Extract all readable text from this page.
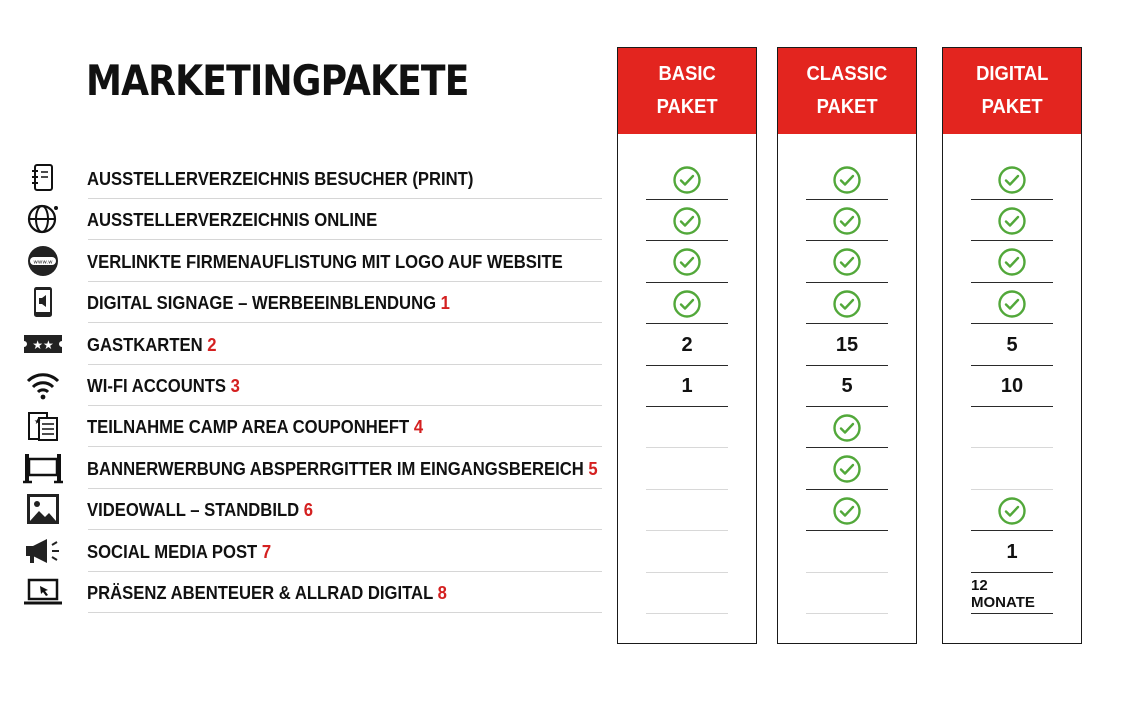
MARKETINGPAKETE
AUSSTELLERVERZEICHNIS BESUCHER (PRINT)
AUSSTELLERVERZEICHNIS ONLINE
www.w VERLINKTE FIRMENAUFLISTUNG MIT LOGO AUF WEBSITE
DIGITAL SIGNAGE – WERBEEINBLENDUNG 1
★★ GASTKARTEN 2
WI-FI ACCOUNTS 3
★ TEILNAHME CAMP AREA COUPONHEFT 4
BANNERWERBUNG ABSPERRGITTER IM EINGANGSBEREICH 5
VIDEOWALL – STANDBILD 6
SOCIAL MEDIA POST 7
PRÄSENZ ABENTEUER & ALLRAD DIGITAL 8
BASIC
PAKET
2
1
CLASSIC
PAKET
15
5
DIGITAL
PAKET
5
10
1
12 MONATE
